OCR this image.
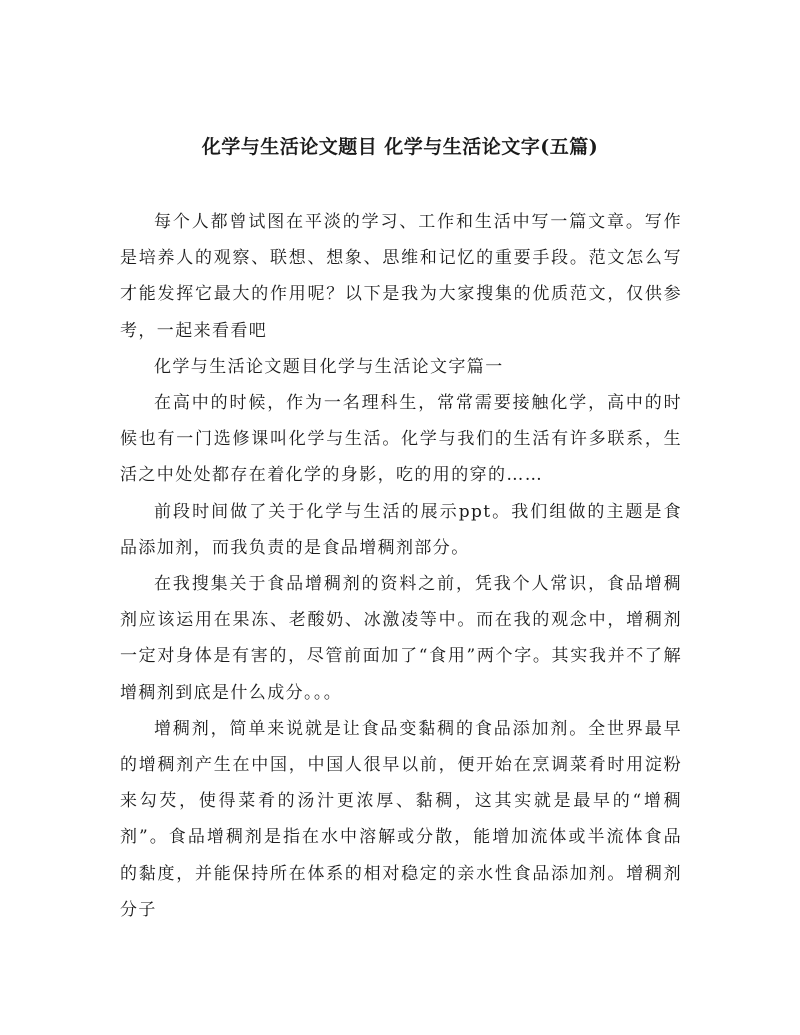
化学与生活论文题目 化学与生活论文字(五篇)

每个人都曾试图在平淡的学习、工作和生活中写一篇文章。写作是培养人的观察、联想、想象、思维和记忆的重要手段。范文怎么写才能发挥它最大的作用呢？以下是我为大家搜集的优质范文，仅供参考，一起来看看吧

化学与生活论文题目化学与生活论文字篇一

在高中的时候，作为一名理科生，常常需要接触化学，高中的时候也有一门选修课叫化学与生活。化学与我们的生活有许多联系，生活之中处处都存在着化学的身影，吃的用的穿的……

前段时间做了关于化学与生活的展示ppt。我们组做的主题是食品添加剂，而我负责的是食品增稠剂部分。

在我搜集关于食品增稠剂的资料之前，凭我个人常识，食品增稠剂应该运用在果冻、老酸奶、冰激凌等中。而在我的观念中，增稠剂一定对身体是有害的，尽管前面加了“食用”两个字。其实我并不了解增稠剂到底是什么成分。。。

增稠剂，简单来说就是让食品变黏稠的食品添加剂。全世界最早的增稠剂产生在中国，中国人很早以前，便开始在烹调菜肴时用淀粉来勾芡，使得菜肴的汤汁更浓厚、黏稠，这其实就是最早的“增稠剂”。食品增稠剂是指在水中溶解或分散，能增加流体或半流体食品的黏度，并能保持所在体系的相对稳定的亲水性食品添加剂。增稠剂分子
